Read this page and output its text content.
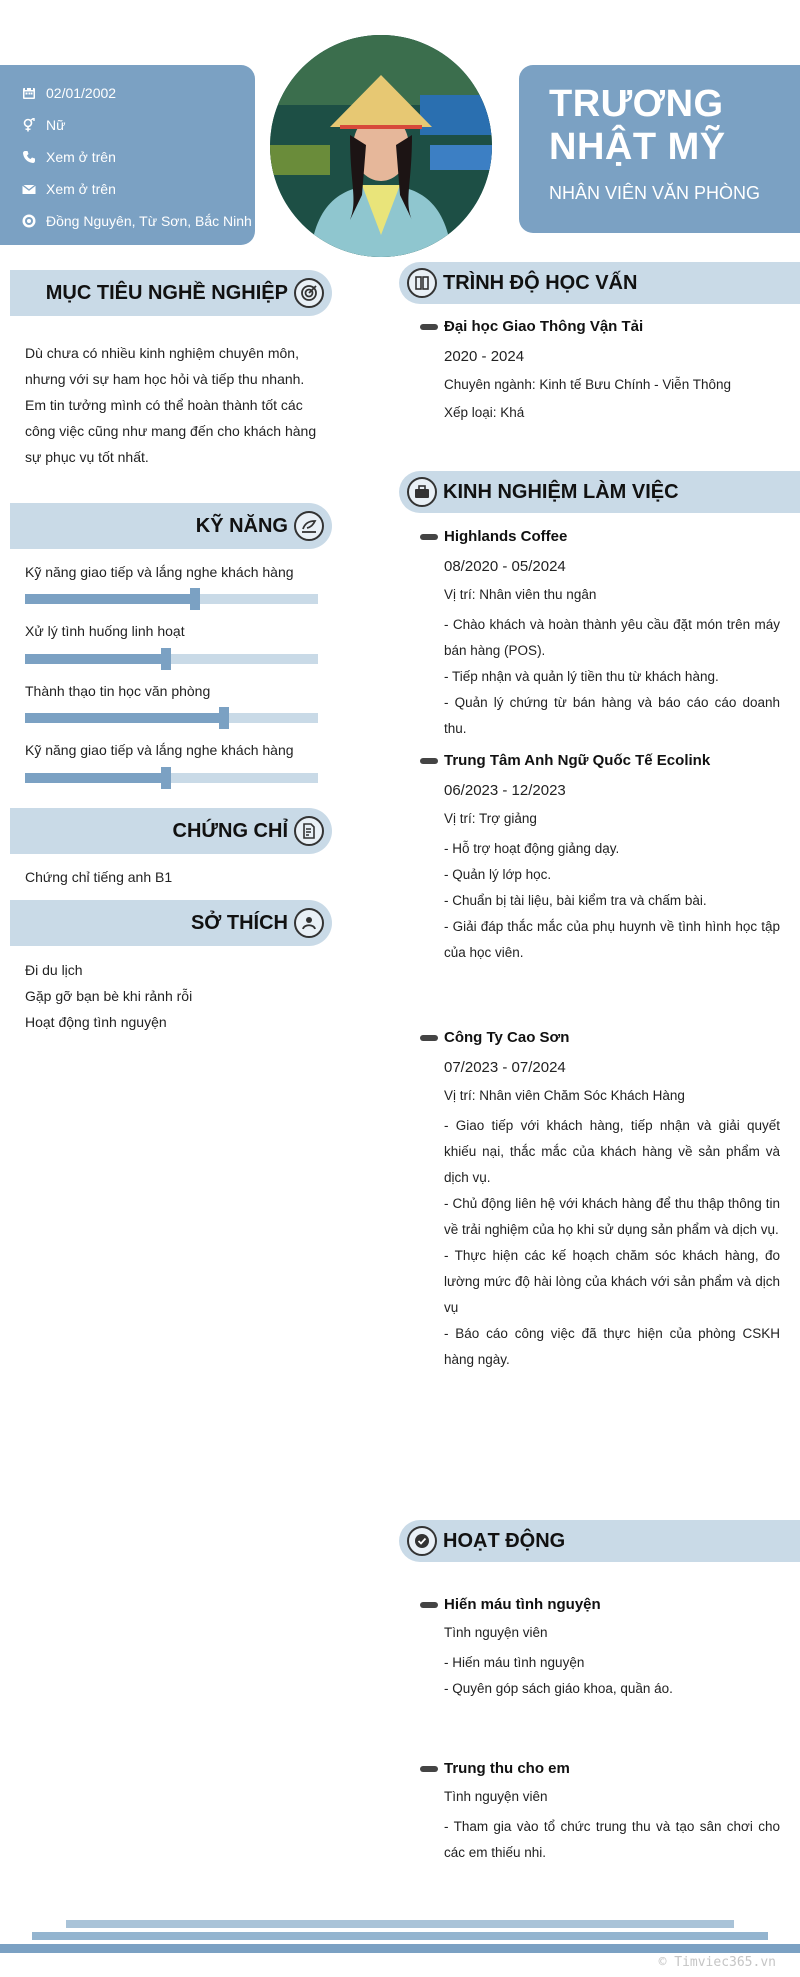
02/01/2002
Nữ
Xem ở trên
Xem ở trên
Đồng Nguyên, Từ Sơn, Bắc Ninh
TRƯƠNG
NHẬT MỸ
NHÂN VIÊN VĂN PHÒNG
MỤC TIÊU NGHỀ NGHIỆP
Dù chưa có nhiều kinh nghiệm chuyên môn, nhưng với sự ham học hỏi và tiếp thu nhanh. Em tin tưởng mình có thể hoàn thành tốt các công việc cũng như mang đến cho khách hàng sự phục vụ tốt nhất.
KỸ NĂNG
Kỹ năng giao tiếp và lắng nghe khách hàng
Xử lý tình huống linh hoạt
Thành thạo tin học văn phòng
Kỹ năng giao tiếp và lắng nghe khách hàng
CHỨNG CHỈ
Chứng chỉ tiếng anh B1
SỞ THÍCH
Đi du lịch
Gặp gỡ bạn bè khi rảnh rỗi
Hoạt động tình nguyện
TRÌNH ĐỘ HỌC VẤN
Đại học Giao Thông Vận Tải
2020 - 2024
Chuyên ngành: Kinh tế Bưu Chính - Viễn Thông
Xếp loại: Khá
KINH NGHIỆM LÀM VIỆC
Highlands Coffee
08/2020 - 05/2024
Vị trí: Nhân viên thu ngân
- Chào khách và hoàn thành yêu cầu đặt món trên máy bán hàng (POS).
- Tiếp nhận và quản lý tiền thu từ khách hàng.
- Quản lý chứng từ bán hàng và báo cáo cáo doanh thu.
Trung Tâm Anh Ngữ Quốc Tế Ecolink
06/2023 - 12/2023
Vị trí: Trợ giảng
- Hỗ trợ hoạt động giảng dạy.
- Quản lý lớp học.
- Chuẩn bị tài liệu, bài kiểm tra và chấm bài.
- Giải đáp thắc mắc của phụ huynh về tình hình học tập của học viên.
Công Ty Cao Sơn
07/2023 - 07/2024
Vị trí: Nhân viên Chăm Sóc Khách Hàng
- Giao tiếp với khách hàng, tiếp nhận và giải quyết khiếu nại, thắc mắc của khách hàng về sản phẩm và dịch vụ.
- Chủ động liên hệ với khách hàng để thu thập thông tin về trải nghiệm của họ khi sử dụng sản phẩm và dịch vụ.
- Thực hiện các kế hoạch chăm sóc khách hàng, đo lường mức độ hài lòng của khách với sản phẩm và dịch vụ
- Báo cáo công việc đã thực hiện của phòng CSKH hàng ngày.
HOẠT ĐỘNG
Hiến máu tình nguyện
Tình nguyện viên
- Hiến máu tình nguyện
- Quyên góp sách giáo khoa, quần áo.
Trung thu cho em
Tình nguyện viên
- Tham gia vào tổ chức trung thu và tạo sân chơi cho các em thiếu nhi.
© Timviec365.vn
